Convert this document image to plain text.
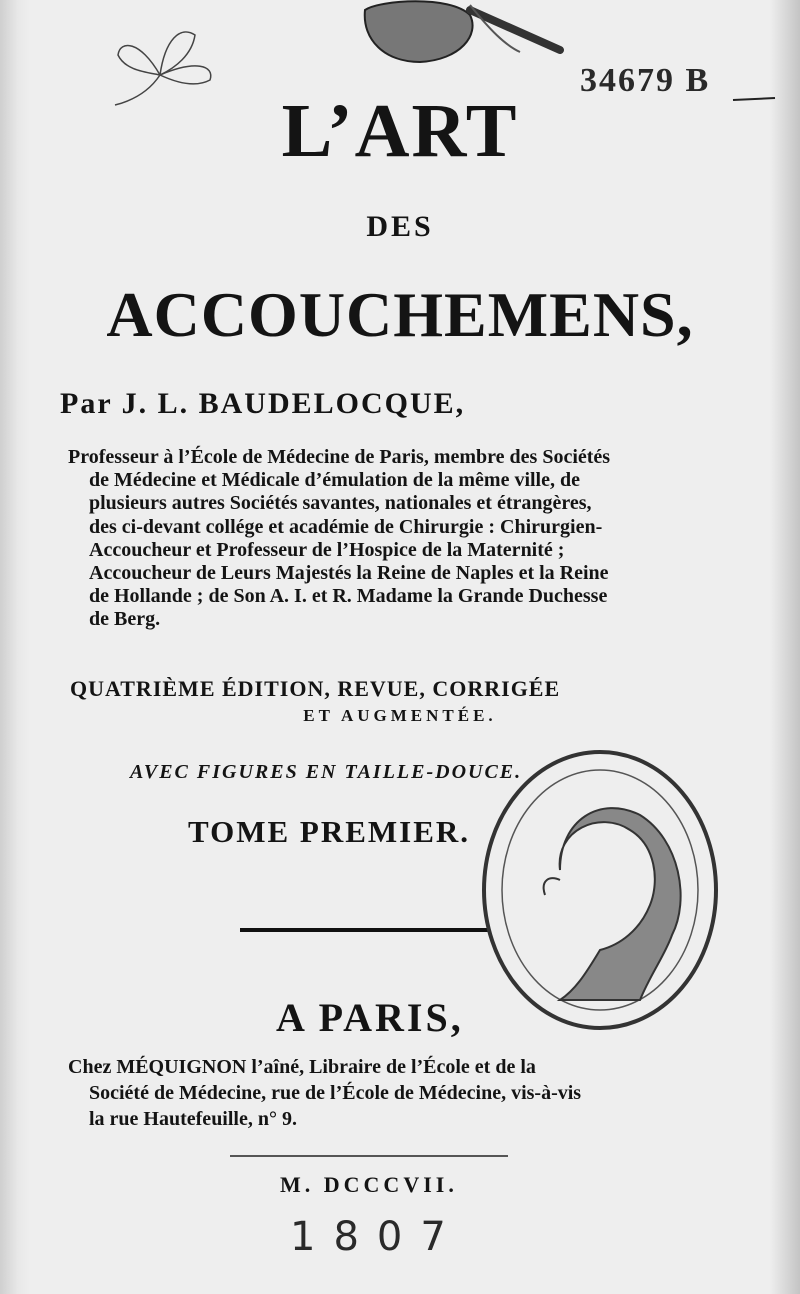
34679 B
L’ART
DES
ACCOUCHEMENS,
Par J. L. BAUDELOCQUE,
Professeur à l’École de Médecine de Paris, membre des Sociétés
de Médecine et Médicale d’émulation de la même ville, de
plusieurs autres Sociétés savantes, nationales et étrangères,
des ci-devant collége et académie de Chirurgie : Chirurgien-
Accoucheur et Professeur de l’Hospice de la Maternité ;
Accoucheur de Leurs Majestés la Reine de Naples et la Reine
de Hollande ; de Son A. I. et R. Madame la Grande Duchesse
de Berg.
QUATRIÈME ÉDITION, REVUE, CORRIGÉE
ET AUGMENTÉE.
AVEC FIGURES EN TAILLE-DOUCE.
TOME PREMIER.
A PARIS,
Chez MÉQUIGNON l’aîné, Libraire de l’École et de la
Société de Médecine, rue de l’École de Médecine, vis-à-vis
la rue Hautefeuille, n° 9.
M. DCCCVII.
1807
